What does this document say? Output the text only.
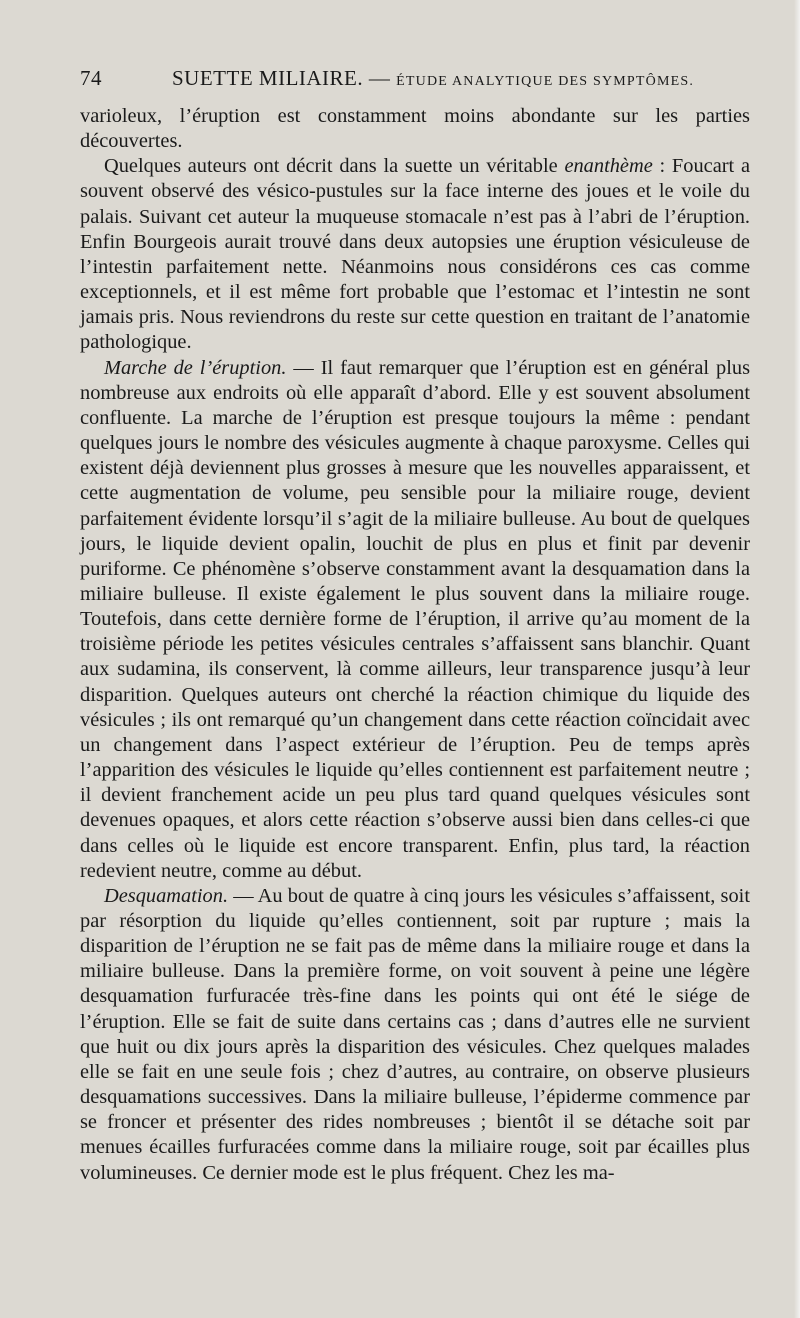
74	SUETTE MILIAIRE. — ÉTUDE ANALYTIQUE DES SYMPTÔMES.

varioleux, l’éruption est constamment moins abondante sur les parties découvertes.

Quelques auteurs ont décrit dans la suette un véritable enanthème : Foucart a souvent observé des vésico-pustules sur la face interne des joues et le voile du palais. Suivant cet auteur la muqueuse stomacale n’est pas à l’abri de l’éruption. Enfin Bourgeois aurait trouvé dans deux autopsies une éruption vésiculeuse de l’intestin parfaitement nette. Néanmoins nous considérons ces cas comme exceptionnels, et il est même fort probable que l’estomac et l’intestin ne sont jamais pris. Nous reviendrons du reste sur cette question en traitant de l’anatomie pathologique.

Marche de l’éruption. — Il faut remarquer que l’éruption est en général plus nombreuse aux endroits où elle apparaît d’abord. Elle y est souvent absolument confluente. La marche de l’éruption est presque toujours la même : pendant quelques jours le nombre des vésicules augmente à chaque paroxysme. Celles qui existent déjà deviennent plus grosses à mesure que les nouvelles apparaissent, et cette augmentation de volume, peu sensible pour la miliaire rouge, devient parfaitement évidente lorsqu’il s’agit de la miliaire bulleuse. Au bout de quelques jours, le liquide devient opalin, louchit de plus en plus et finit par devenir puriforme. Ce phénomène s’observe constamment avant la desquamation dans la miliaire bulleuse. Il existe également le plus souvent dans la miliaire rouge. Toutefois, dans cette dernière forme de l’éruption, il arrive qu’au moment de la troisième période les petites vésicules centrales s’affaissent sans blanchir. Quant aux sudamina, ils conservent, là comme ailleurs, leur transparence jusqu’à leur disparition. Quelques auteurs ont cherché la réaction chimique du liquide des vésicules ; ils ont remarqué qu’un changement dans cette réaction coïncidait avec un changement dans l’aspect extérieur de l’éruption. Peu de temps après l’apparition des vésicules le liquide qu’elles contiennent est parfaitement neutre ; il devient franchement acide un peu plus tard quand quelques vésicules sont devenues opaques, et alors cette réaction s’observe aussi bien dans celles-ci que dans celles où le liquide est encore transparent. Enfin, plus tard, la réaction redevient neutre, comme au début.

Desquamation. — Au bout de quatre à cinq jours les vésicules s’affaissent, soit par résorption du liquide qu’elles contiennent, soit par rupture ; mais la disparition de l’éruption ne se fait pas de même dans la miliaire rouge et dans la miliaire bulleuse. Dans la première forme, on voit souvent à peine une légère desquamation furfuracée très-fine dans les points qui ont été le siége de l’éruption. Elle se fait de suite dans certains cas ; dans d’autres elle ne survient que huit ou dix jours après la disparition des vésicules. Chez quelques malades elle se fait en une seule fois ; chez d’autres, au contraire, on observe plusieurs desquamations successives. Dans la miliaire bulleuse, l’épiderme commence par se froncer et présenter des rides nombreuses ; bientôt il se détache soit par menues écailles furfuracées comme dans la miliaire rouge, soit par écailles plus volumineuses. Ce dernier mode est le plus fréquent. Chez les ma-
